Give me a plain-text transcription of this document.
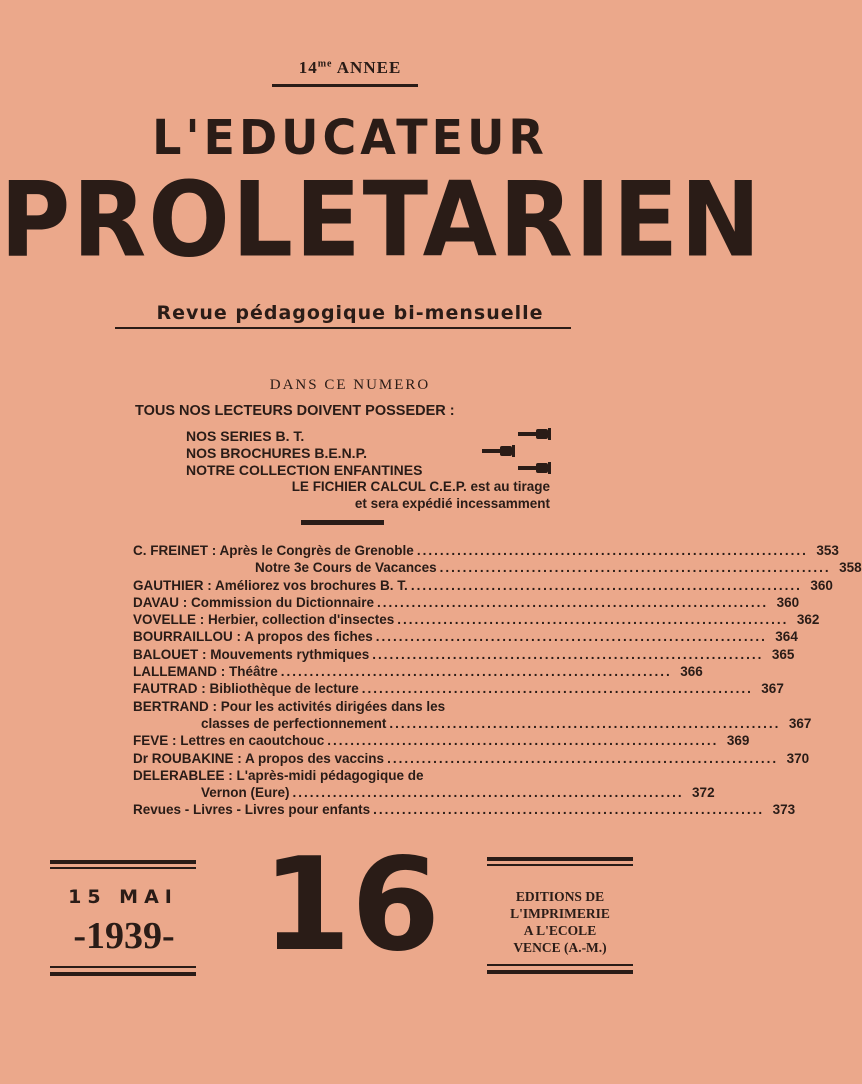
$14^{me}$ ANNEE
L'EDUCATEUR
PROLETARIEN
Revue pédagogique bi-mensuelle
DANS CE NUMERO
TOUS NOS LECTEURS DOIVENT POSSEDER :
NOS SERIES B. T.
NOS BROCHURES B.E.N.P.
NOTRE COLLECTION ENFANTINES
LE FICHIER CALCUL C.E.P. est au tirage
et sera expédié incessamment
C. FREINET : Après le Congrès de Grenoble .................................................................... 353
Notre 3e Cours de Vacances .................................................................... 358
GAUTHIER : Améliorez vos brochures B. T. .................................................................... 360
DAVAU : Commission du Dictionnaire .................................................................... 360
VOVELLE : Herbier, collection d'insectes .................................................................... 362
BOURRAILLOU : A propos des fiches .................................................................... 364
BALOUET : Mouvements rythmiques .................................................................... 365
LALLEMAND : Théâtre .................................................................... 366
FAUTRAD : Bibliothèque de lecture .................................................................... 367
BERTRAND : Pour les activités dirigées dans les
classes de perfectionnement .................................................................... 367
FEVE : Lettres en caoutchouc .................................................................... 369
Dr ROUBAKINE : A propos des vaccins .................................................................... 370
DELERABLEE : L'après-midi pédagogique de
Vernon (Eure) .................................................................... 372
Revues - Livres - Livres pour enfants .................................................................... 373
15 MAI
-1939- 16	EDITIONS DE
L'IMPRIMERIE
A L'ECOLE
VENCE (A.-M.)
